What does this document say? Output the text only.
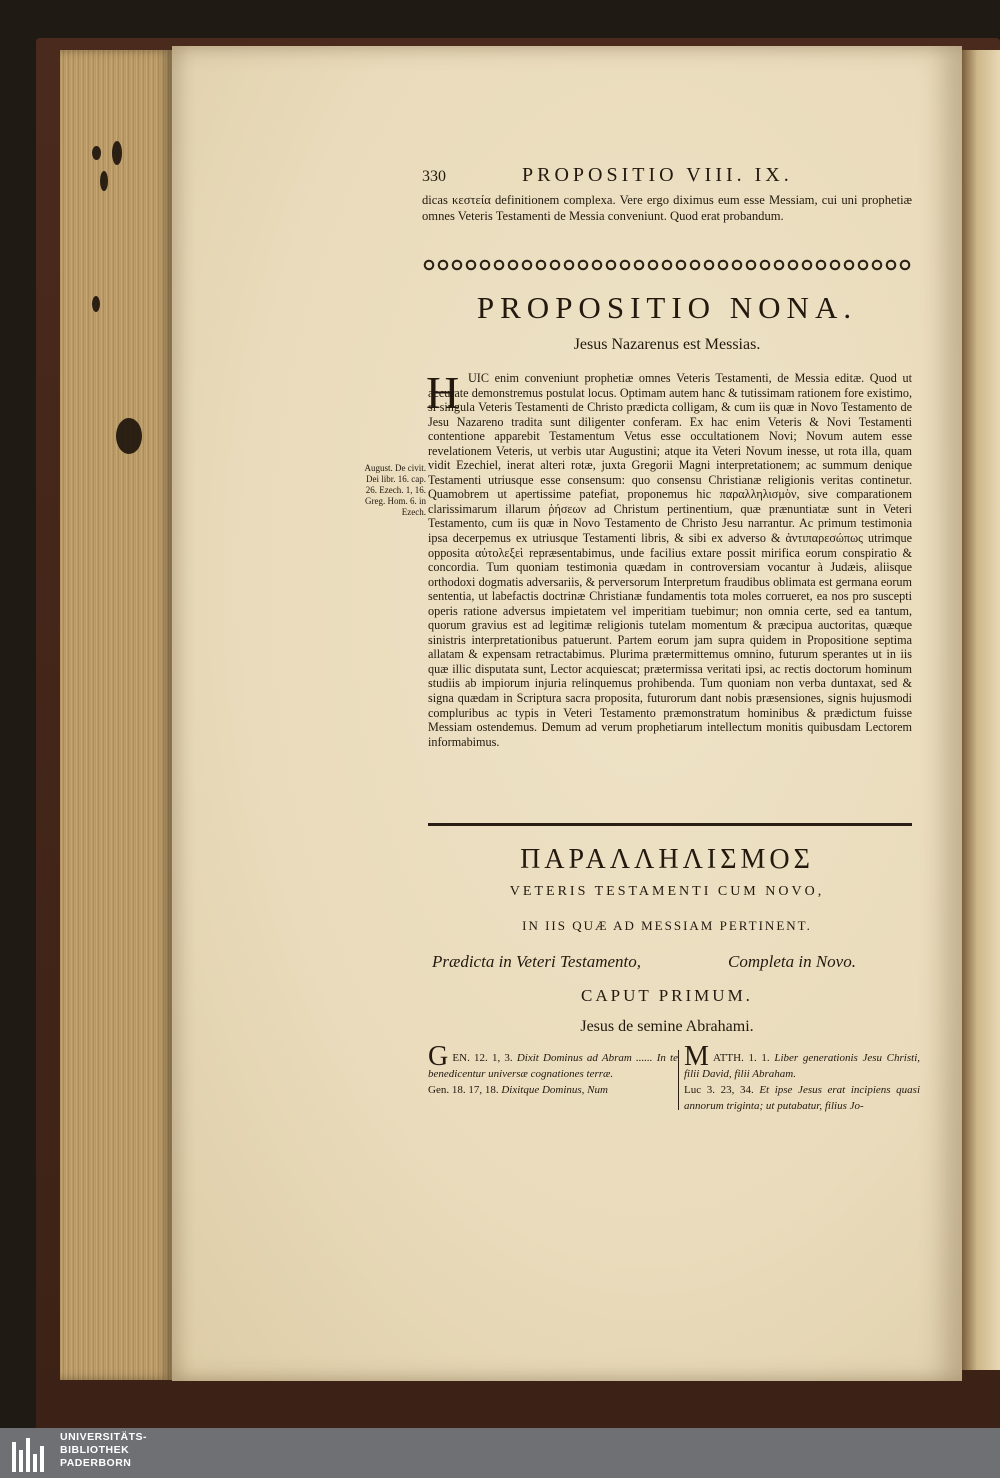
330	PROPOSITIO VIII. IX.
dicas κεστεία definitionem complexa. Vere ergo diximus eum esse Messiam, cui uni prophetiæ omnes Veteris Testamenti de Messia conveniunt. Quod erat probandum.
PROPOSITIO NONA.
Jesus Nazarenus est Messias.
H UIC enim conveniunt prophetiæ omnes Veteris Testamenti, de Messia editæ. Quod ut accurate demonstremus postulat locus. Optimam autem hanc & tutissimam rationem fore existimo, si singula Veteris Testamenti de Christo prædicta colligam, & cum iis quæ in Novo Testamento de Jesu Nazareno tradita sunt diligenter conferam. Ex hac enim Veteris & Novi Testamenti contentione apparebit Testamentum Vetus esse occultationem Novi; Novum autem esse revelationem Veteris, ut verbis utar Augustini; atque ita Veteri Novum inesse, ut rota illa, quam vidit Ezechiel, inerat alteri rotæ, juxta Gregorii Magni interpretationem; ac summum denique Testamenti utriusque esse consensum: quo consensu Christianæ religionis veritas continetur. Quamobrem ut apertissime patefiat, proponemus hic παραλληλισμὸν, sive comparationem clarissimarum illarum ῥήσεων ad Christum pertinentium, quæ prænuntiatæ sunt in Veteri Testamento, cum iis quæ in Novo Testamento de Christo Jesu narrantur. Ac primum testimonia ipsa decerpemus ex utriusque Testamenti libris, & sibi ex adverso & ἀντιπαρεσώπως utrimque opposita αὐτολεξεὶ repræsentabimus, unde facilius extare possit mirifica eorum conspiratio & concordia. Tum quoniam testimonia quædam in controversiam vocantur à Judæis, aliisque orthodoxi dogmatis adversariis, & perversorum Interpretum fraudibus oblimata est germana eorum sententia, ut labefactis doctrinæ Christianæ fundamentis tota moles corrueret, ea nos pro suscepti operis ratione adversus impietatem vel imperitiam tuebimur; non omnia certe, sed ea tantum, quorum gravius est ad legitimæ religionis tutelam momentum & præcipua auctoritas, quæque sinistris interpretationibus patuerunt. Partem eorum jam supra quidem in Propositione septima allatam & expensam retractabimus. Plurima prætermittemus omnino, futurum sperantes ut in iis quæ illic disputata sunt, Lector acquiescat; prætermissa veritati ipsi, ac rectis doctorum hominum studiis ab impiorum injuria relinquemus prohibenda. Tum quoniam non verba duntaxat, sed & signa quædam in Scriptura sacra proposita, futurorum dant nobis præsensiones, signis hujusmodi compluribus ac typis in Veteri Testamento præmonstratum hominibus & prædictum fuisse Messiam ostendemus. Demum ad verum prophetiarum intellectum monitis quibusdam Lectorem informabimus.
August. De civit. Dei libr. 16. cap. 26. Ezech. 1, 16. Greg. Hom. 6. in Ezech.
ΠΑΡΑΛΛΗΛΙΣΜΟΣ
VETERIS TESTAMENTI CUM NOVO,
IN IIS QUÆ AD MESSIAM PERTINENT.
Prædicta in Veteri Testamento,	Completa in Novo.
CAPUT PRIMUM.
Jesus de semine Abrahami.
G EN. 12. 1, 3. Dixit Dominus ad Abram ...... In te benedicentur universæ cognationes terræ.
Gen. 18. 17, 18. Dixitque Dominus, Num
M ATTH. 1. 1. Liber generationis Jesu Christi, filii David, filii Abraham.
Luc 3. 23, 34. Et ipse Jesus erat incipiens quasi annorum triginta; ut putabatur, filius Jo-
UNIVERSITÄTS-
BIBLIOTHEK
PADERBORN
